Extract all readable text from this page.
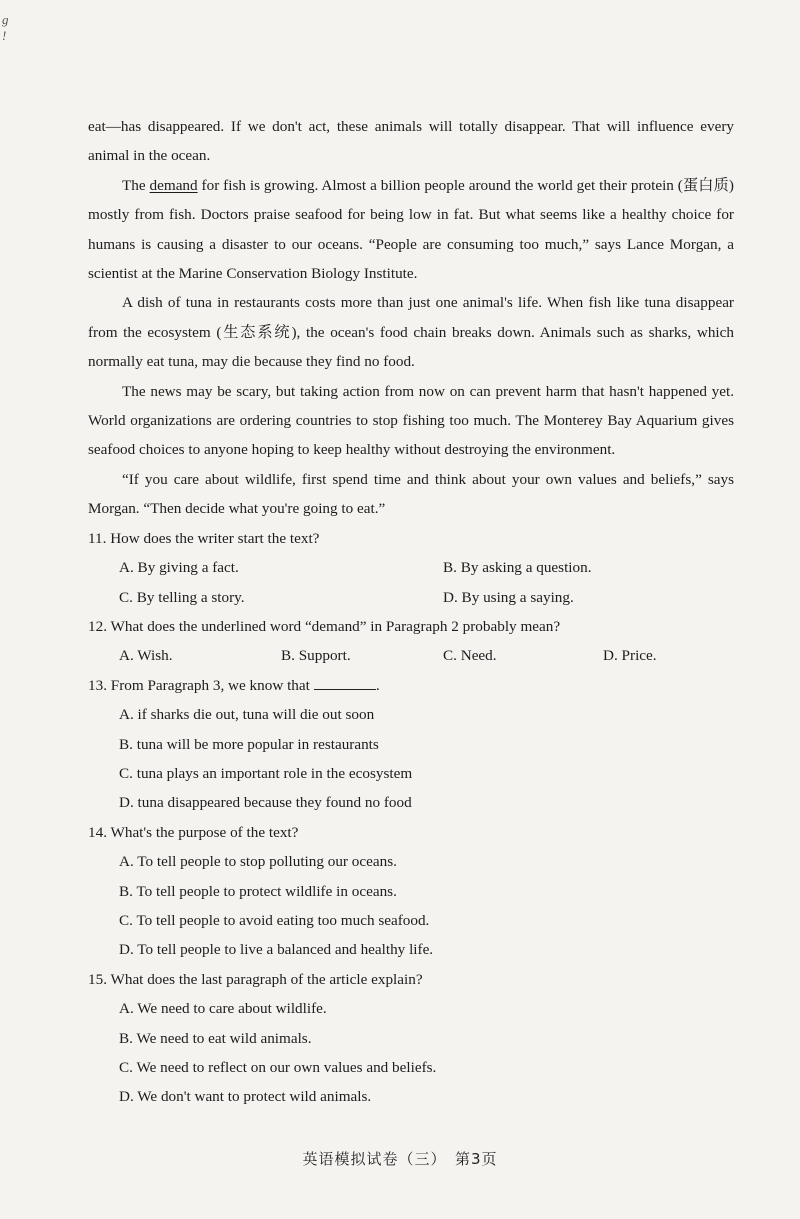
g
!

eat—has disappeared. If we don't act, these animals will totally disappear. That will influence every animal in the ocean.

The demand for fish is growing. Almost a billion people around the world get their protein (蛋白质) mostly from fish. Doctors praise seafood for being low in fat. But what seems like a healthy choice for humans is causing a disaster to our oceans. “People are consuming too much,” says Lance Morgan, a scientist at the Marine Conservation Biology Institute.

A dish of tuna in restaurants costs more than just one animal's life. When fish like tuna disappear from the ecosystem (生态系统), the ocean's food chain breaks down. Animals such as sharks, which normally eat tuna, may die because they find no food.

The news may be scary, but taking action from now on can prevent harm that hasn't happened yet. World organizations are ordering countries to stop fishing too much. The Monterey Bay Aquarium gives seafood choices to anyone hoping to keep healthy without destroying the environment.

“If you care about wildlife, first spend time and think about your own values and beliefs,” says Morgan. “Then decide what you're going to eat.”

11. How does the writer start the text?
A. By giving a fact.	B. By asking a question.
C. By telling a story.	D. By using a saying.
12. What does the underlined word “demand” in Paragraph 2 probably mean?
A. Wish.	B. Support.	C. Need.	D. Price.
13. From Paragraph 3, we know that	.
A. if sharks die out, tuna will die out soon
B. tuna will be more popular in restaurants
C. tuna plays an important role in the ecosystem
D. tuna disappeared because they found no food
14. What's the purpose of the text?
A. To tell people to stop polluting our oceans.
B. To tell people to protect wildlife in oceans.
C. To tell people to avoid eating too much seafood.
D. To tell people to live a balanced and healthy life.
15. What does the last paragraph of the article explain?
A. We need to care about wildlife.
B. We need to eat wild animals.
C. We need to reflect on our own values and beliefs.
D. We don't want to protect wild animals.
英语模拟试卷（三）　第3页
